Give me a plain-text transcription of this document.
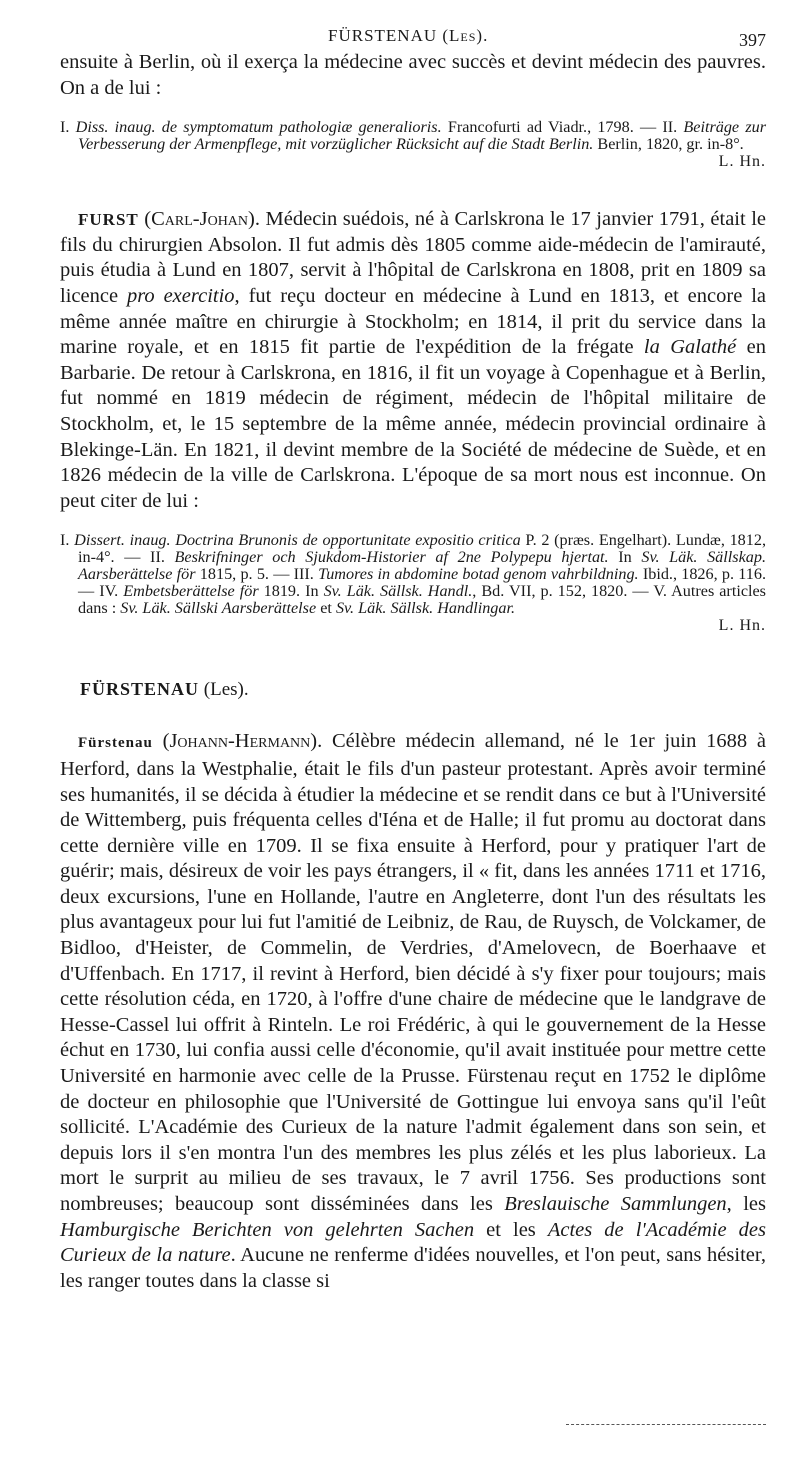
FÜRSTENAU (Les).	397

ensuite à Berlin, où il exerça la médecine avec succès et devint médecin des pauvres. On a de lui :

I. Diss. inaug. de symptomatum pathologiæ generalioris. Francofurti ad Viadr., 1798. — II. Beiträge zur Verbesserung der Armenpflege, mit vorzüglicher Rücksicht auf die Stadt Berlin. Berlin, 1820, gr. in-8°.

L. Hn.

FURST (Carl-Johan). Médecin suédois, né à Carlskrona le 17 janvier 1791, était le fils du chirurgien Absolon. Il fut admis dès 1805 comme aide-médecin de l'amirauté, puis étudia à Lund en 1807, servit à l'hôpital de Carlskrona en 1808, prit en 1809 sa licence pro exercitio, fut reçu docteur en médecine à Lund en 1813, et encore la même année maître en chirurgie à Stockholm; en 1814, il prit du service dans la marine royale, et en 1815 fit partie de l'expédition de la frégate la Galathé en Barbarie. De retour à Carlskrona, en 1816, il fit un voyage à Copenhague et à Berlin, fut nommé en 1819 médecin de régiment, médecin de l'hôpital militaire de Stockholm, et, le 15 septembre de la même année, médecin provincial ordinaire à Blekinge-Län. En 1821, il devint membre de la Société de médecine de Suède, et en 1826 médecin de la ville de Carlskrona. L'époque de sa mort nous est inconnue. On peut citer de lui :

I. Dissert. inaug. Doctrina Brunonis de opportunitate expositio critica P. 2 (præs. Engelhart). Lundæ, 1812, in-4°. — II. Beskrifninger och Sjukdom-Historier af 2ne Polypери hjertat. In Sv. Läk. Sällskap. Aarsberättelse för 1815, p. 5. — III. Tumores in abdomine botad genom vahrbildning. Ibid., 1826, p. 116. — IV. Embetsberättelse för 1819. In Sv. Läk. Sällsk. Handl., Bd. VII, p. 152, 1820. — V. Autres articles dans : Sv. Läk. Sällski Aarsberättelse et Sv. Läk. Sällsk. Handlingar.

L. Hn.

FÜRSTENAU (Les).

Fürstenau (Johann-Hermann). Célèbre médecin allemand, né le 1er juin 1688 à Herford, dans la Westphalie, était le fils d'un pasteur protestant. Après avoir terminé ses humanités, il se décida à étudier la médecine et se rendit dans ce but à l'Université de Wittemberg, puis fréquenta celles d'Iéna et de Halle; il fut promu au doctorat dans cette dernière ville en 1709. Il se fixa ensuite à Herford, pour y pratiquer l'art de guérir; mais, désireux de voir les pays étrangers, il « fit, dans les années 1711 et 1716, deux excursions, l'une en Hollande, l'autre en Angleterre, dont l'un des résultats les plus avantageux pour lui fut l'amitié de Leibniz, de Rau, de Ruysch, de Volckamer, de Bidloo, d'Heister, de Commelin, de Verdries, d'Amelovecn, de Boerhaave et d'Uffenbach. En 1717, il revint à Herford, bien décidé à s'y fixer pour toujours; mais cette résolution céda, en 1720, à l'offre d'une chaire de médecine que le landgrave de Hesse-Cassel lui offrit à Rinteln. Le roi Frédéric, à qui le gouvernement de la Hesse échut en 1730, lui confia aussi celle d'économie, qu'il avait instituée pour mettre cette Université en harmonie avec celle de la Prusse. Fürstenau reçut en 1752 le diplôme de docteur en philosophie que l'Université de Gottingue lui envoya sans qu'il l'eût sollicité. L'Académie des Curieux de la nature l'admit également dans son sein, et depuis lors il s'en montra l'un des membres les plus zélés et les plus laborieux. La mort le surprit au milieu de ses travaux, le 7 avril 1756. Ses productions sont nombreuses; beaucoup sont disséminées dans les Breslauische Sammlungen, les Hamburgische Berichten von gelehrten Sachen et les Actes de l'Académie des Curieux de la nature. Aucune ne renferme d'idées nouvelles, et l'on peut, sans hésiter, les ranger toutes dans la classe si
